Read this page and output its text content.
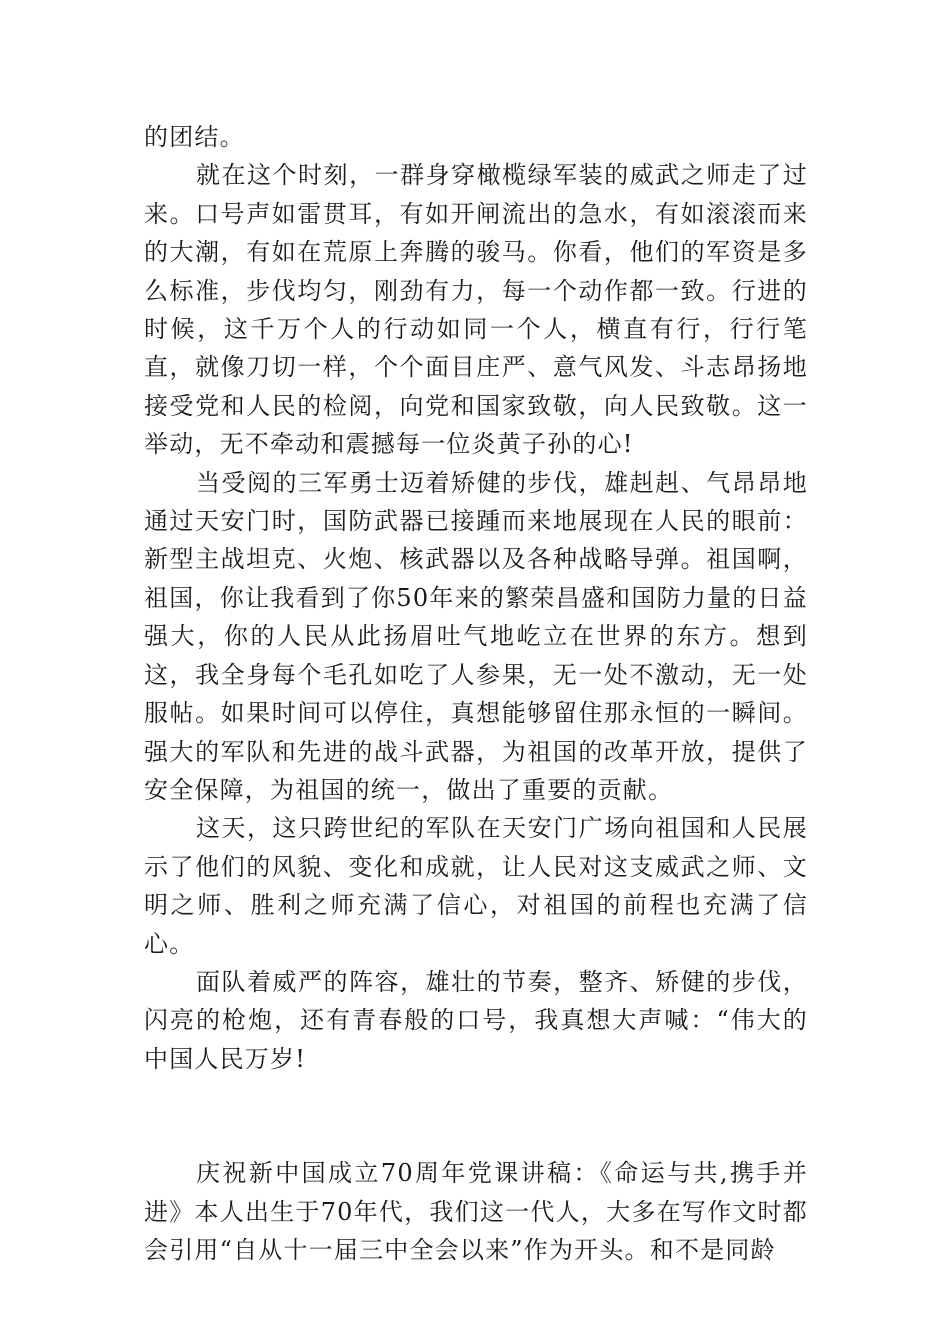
的团结。

就在这个时刻，一群身穿橄榄绿军装的威武之师走了过来。口号声如雷贯耳，有如开闸流出的急水，有如滚滚而来的大潮，有如在荒原上奔腾的骏马。你看，他们的军资是多么标准，步伐均匀，刚劲有力，每一个动作都一致。行进的时候，这千万个人的行动如同一个人，横直有行，行行笔直，就像刀切一样，个个面目庄严、意气风发、斗志昂扬地接受党和人民的检阅，向党和国家致敬，向人民致敬。这一举动，无不牵动和震撼每一位炎黄子孙的心!

当受阅的三军勇士迈着矫健的步伐，雄赳赳、气昂昂地通过天安门时，国防武器已接踵而来地展现在人民的眼前：新型主战坦克、火炮、核武器以及各种战略导弹。祖国啊，祖国，你让我看到了你50年来的繁荣昌盛和国防力量的日益强大，你的人民从此扬眉吐气地屹立在世界的东方。想到这，我全身每个毛孔如吃了人参果，无一处不激动，无一处服帖。如果时间可以停住，真想能够留住那永恒的一瞬间。强大的军队和先进的战斗武器，为祖国的改革开放，提供了安全保障，为祖国的统一，做出了重要的贡献。

这天，这只跨世纪的军队在天安门广场向祖国和人民展示了他们的风貌、变化和成就，让人民对这支威武之师、文明之师、胜利之师充满了信心，对祖国的前程也充满了信心。

面队着威严的阵容，雄壮的节奏，整齐、矫健的步伐，闪亮的枪炮，还有青春般的口号，我真想大声喊：“伟大的中国人民万岁!

庆祝新中国成立70周年党课讲稿：《命运与共,携手并进》本人出生于70年代，我们这一代人，大多在写作文时都会引用“自从十一届三中全会以来”作为开头。和不是同龄
